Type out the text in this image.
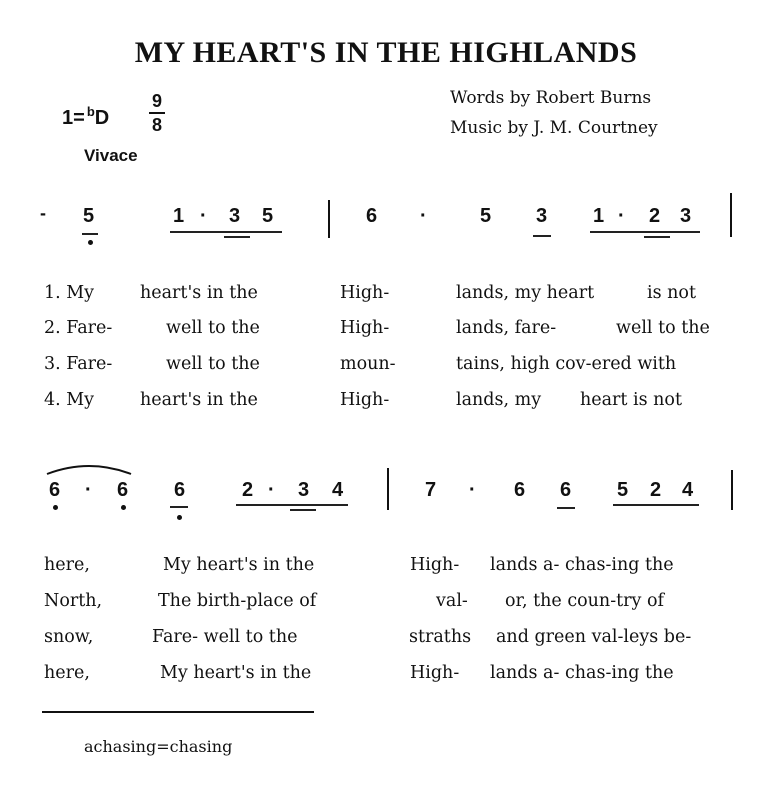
MY HEART'S IN THE HIGHLANDS
1= $^b$D
9
8
Vivace
Words by Robert Burns
Music by J. M. Courtney
- 5	1 · 3 5	6 ·	5 3 1 · 2 3
1. My	heart's in the	High-	lands, my heart	is not
2. Fare-	well to the	High-	lands, fare-	well to the
3. Fare-	well to the	moun-	tains, high cov-ered with
4. My	heart's in the	High-	lands, my heart is not
6 · 6 6	2 · 3 4	7 · 6 6 5 2 4
here,	My heart's in the	High- lands a- chas-ing the
North,	The birth-place of	val- or, the coun-try of
snow,	Fare- well to the	straths and green val-leys be-
here,	My heart's in the	High- lands a- chas-ing the
achasing=chasing
